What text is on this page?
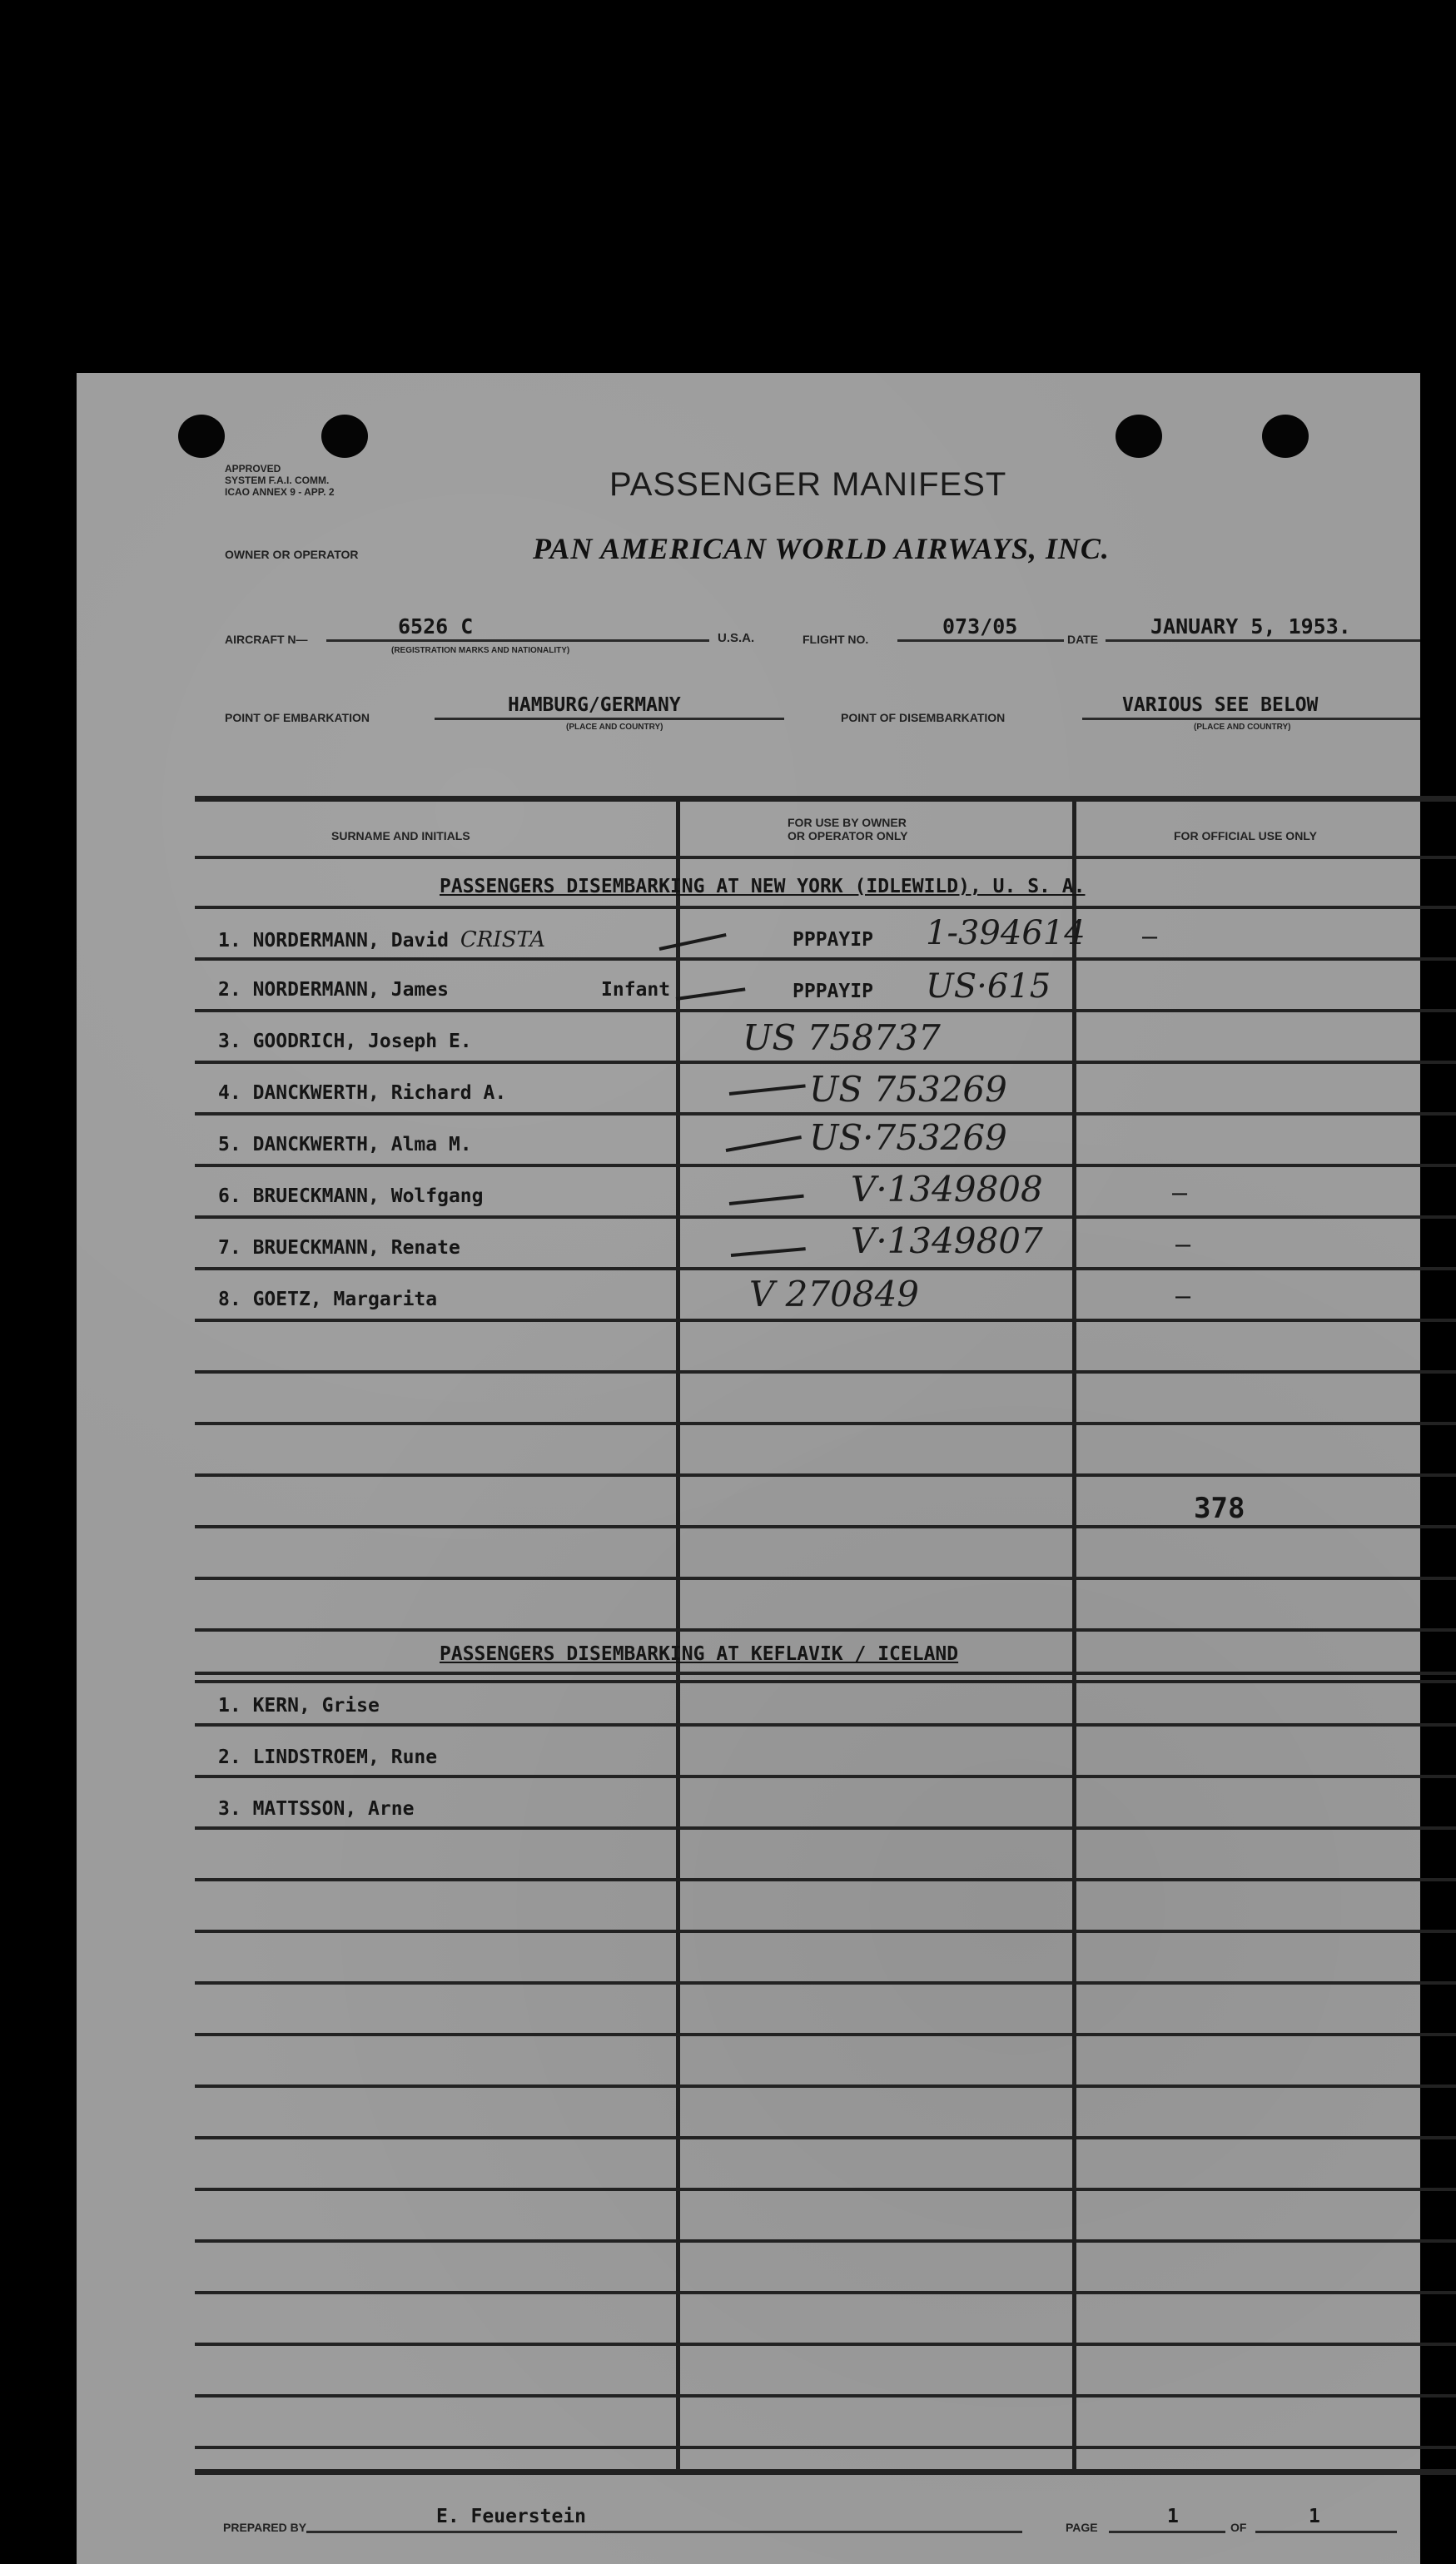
APPROVED
SYSTEM F.A.I. COMM.
ICAO ANNEX 9 - APP. 2	PASSENGER MANIFEST
OWNER OR OPERATOR	PAN AMERICAN WORLD AIRWAYS, INC.
AIRCRAFT N—
6526 C
(REGISTRATION MARKS AND NATIONALITY)
U.S.A.	FLIGHT NO.
073/05
DATE
JANUARY 5, 1953.
POINT OF EMBARKATION
HAMBURG/GERMANY
(PLACE AND COUNTRY)
POINT OF DISEMBARKATION
VARIOUS SEE BELOW
(PLACE AND COUNTRY)
SURNAME AND INITIALS
FOR USE BY OWNER
OR OPERATOR ONLY	FOR OFFICIAL USE ONLY
PASSENGERS DISEMBARKING AT NEW YORK (IDLEWILD), U. S. A.
1. NORDERMANN, David CRISTA	PPPAYIP 1-394614 —
2. NORDERMANN, James	Infant	PPPAYIP US·615
3. GOODRICH, Joseph E.	US 758737
4. DANCKWERTH, Richard A.	US 753269
5. DANCKWERTH, Alma M.	US·753269
6. BRUECKMANN, Wolfgang	V·1349808	—
7. BRUECKMANN, Renate	V·1349807	—
8. GOETZ, Margarita	V 270849	—
378
PASSENGERS DISEMBARKING AT KEFLAVIK / ICELAND
1. KERN, Grise
2. LINDSTROEM, Rune
3. MATTSSON, Arne
PREPARED BY	E. Feuerstein	PAGE	1	OF	1
